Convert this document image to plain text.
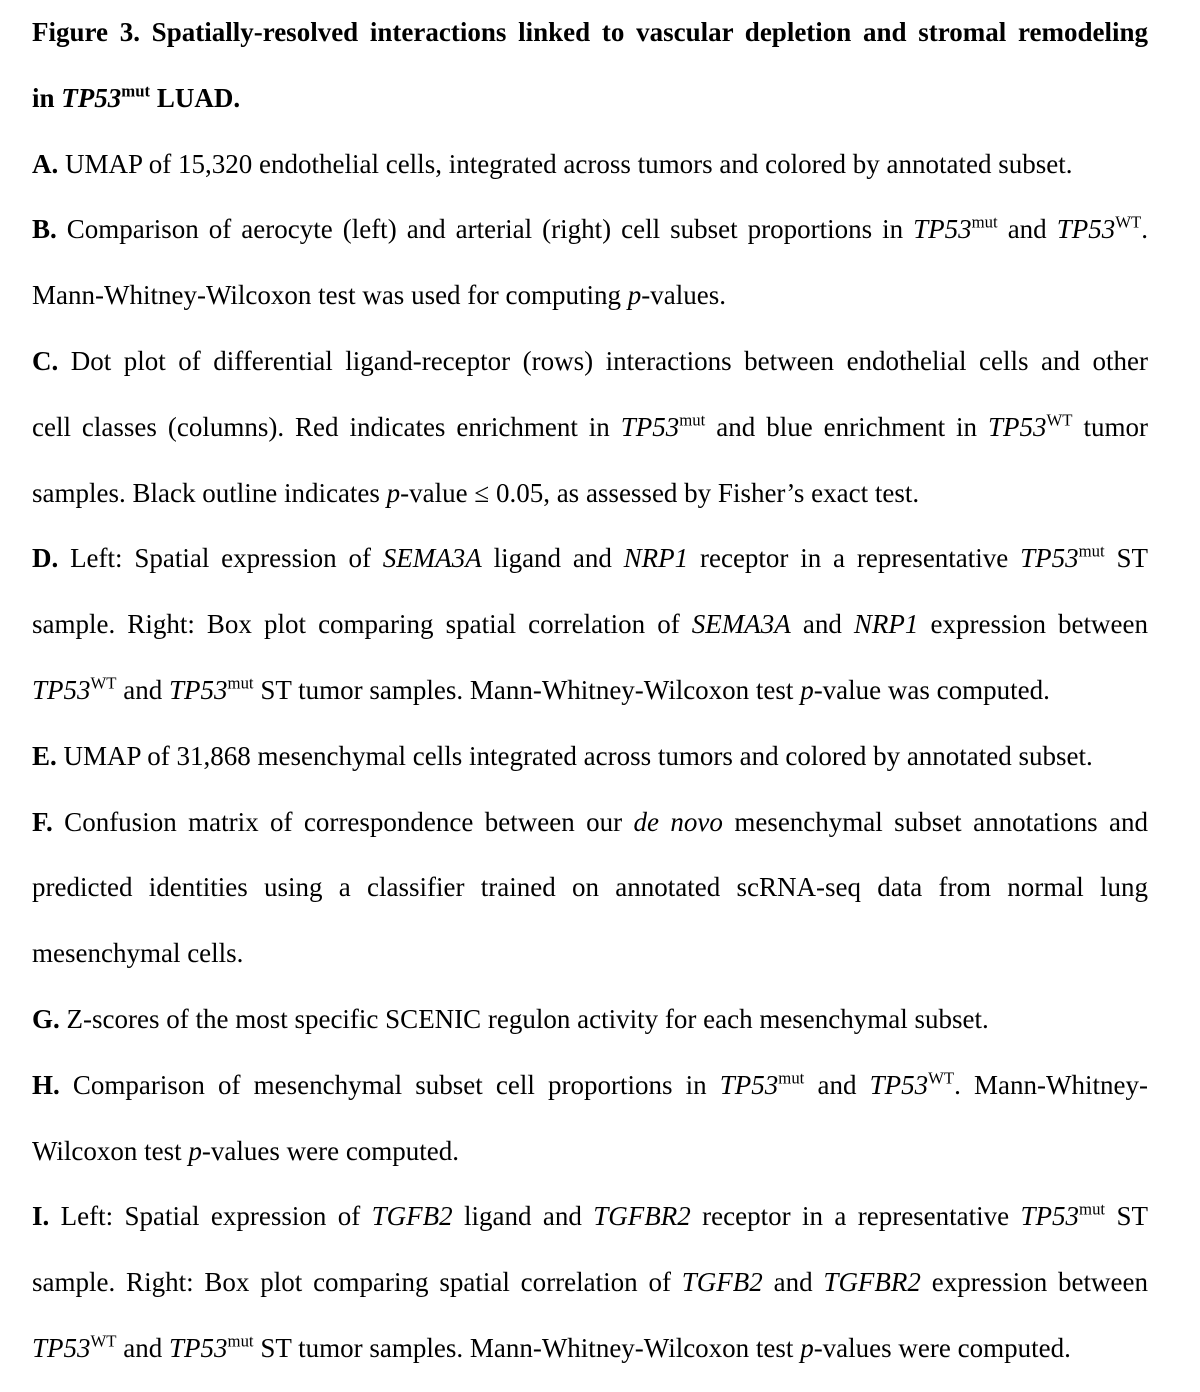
Figure 3. Spatially-resolved interactions linked to vascular depletion and stromal remodeling
in $TP53^{mut}$ LUAD.
A. UMAP of 15,320 endothelial cells, integrated across tumors and colored by annotated subset.
B. Comparison of aerocyte (left) and arterial (right) cell subset proportions in $TP53^{mut}$ and $TP53^{WT}$.
Mann-Whitney-Wilcoxon test was used for computing p-values.
C. Dot plot of differential ligand-receptor (rows) interactions between endothelial cells and other
cell classes (columns). Red indicates enrichment in $TP53^{mut}$ and blue enrichment in $TP53^{WT}$ tumor
samples. Black outline indicates p-value ≤ 0.05, as assessed by Fisher’s exact test.
D. Left: Spatial expression of SEMA3A ligand and NRP1 receptor in a representative $TP53^{mut}$ ST
sample. Right: Box plot comparing spatial correlation of SEMA3A and NRP1 expression between
$TP53^{WT}$ and $TP53^{mut}$ ST tumor samples. Mann-Whitney-Wilcoxon test p-value was computed.
E. UMAP of 31,868 mesenchymal cells integrated across tumors and colored by annotated subset.
F. Confusion matrix of correspondence between our de novo mesenchymal subset annotations and
predicted identities using a classifier trained on annotated scRNA-seq data from normal lung
mesenchymal cells.
G. Z-scores of the most specific SCENIC regulon activity for each mesenchymal subset.
H. Comparison of mesenchymal subset cell proportions in $TP53^{mut}$ and $TP53^{WT}$. Mann-Whitney-
Wilcoxon test p-values were computed.
I. Left: Spatial expression of TGFB2 ligand and TGFBR2 receptor in a representative $TP53^{mut}$ ST
sample. Right: Box plot comparing spatial correlation of TGFB2 and TGFBR2 expression between
$TP53^{WT}$ and $TP53^{mut}$ ST tumor samples. Mann-Whitney-Wilcoxon test p-values were computed.
